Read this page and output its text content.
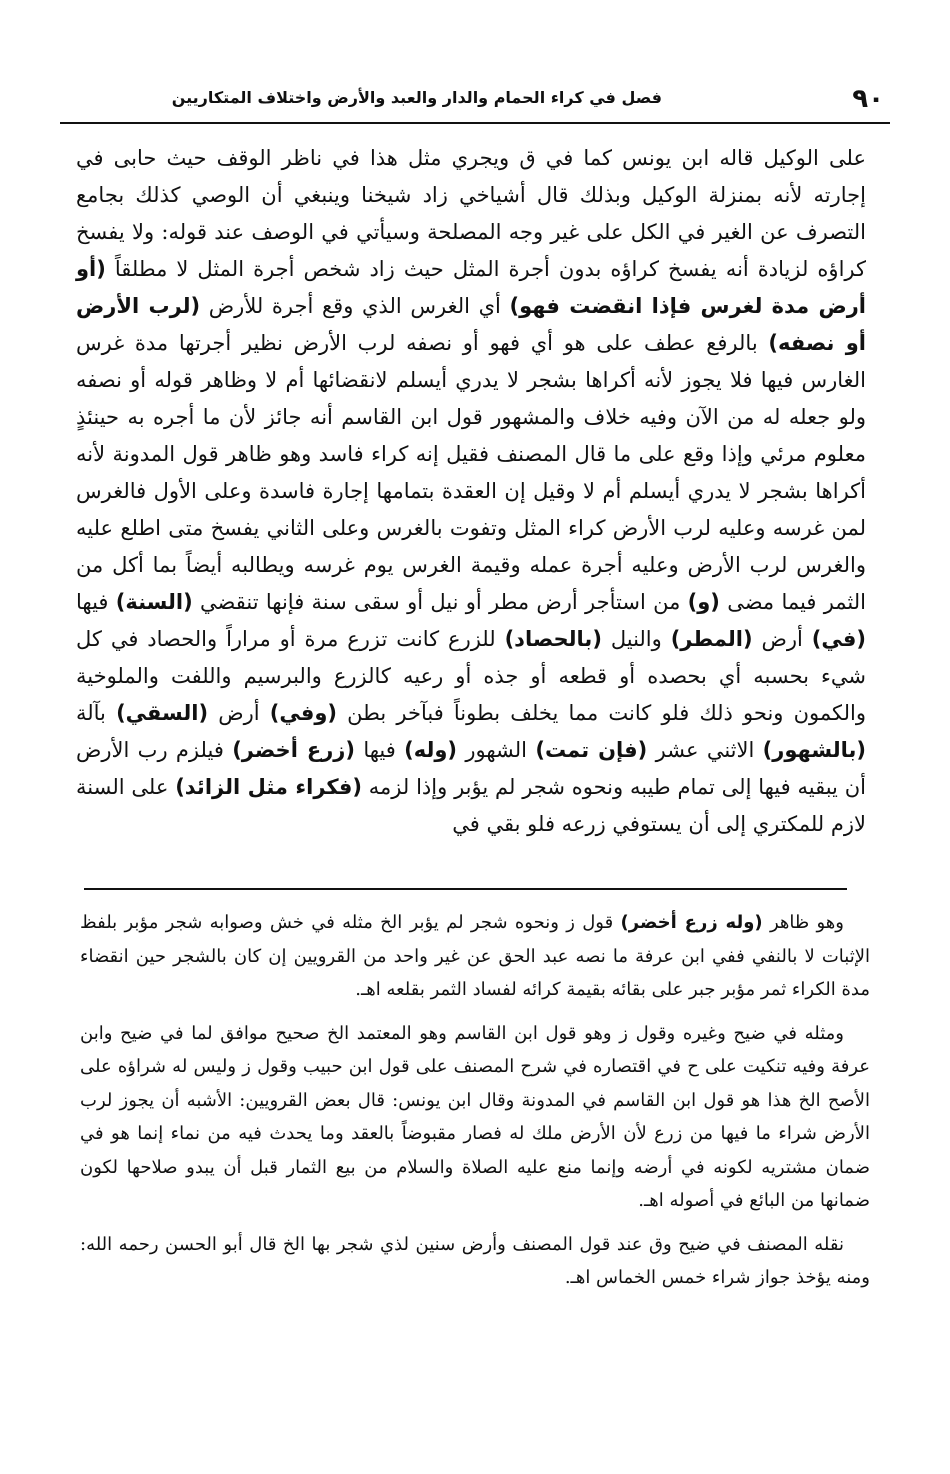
٩٠
فصل في كراء الحمام والدار والعبد والأرض واختلاف المتكاريين
على الوكيل قاله ابن يونس كما في ق ويجري مثل هذا في ناظر الوقف حيث حابى في إجارته لأنه بمنزلة الوكيل وبذلك قال أشياخي زاد شيخنا وينبغي أن الوصي كذلك بجامع التصرف عن الغير في الكل على غير وجه المصلحة وسيأتي في الوصف عند قوله: ولا يفسخ كراؤه لزيادة أنه يفسخ كراؤه بدون أجرة المثل حيث زاد شخص أجرة المثل لا مطلقاً (أو أرض مدة لغرس فإذا انقضت فهو) أي الغرس الذي وقع أجرة للأرض (لرب الأرض أو نصفه) بالرفع عطف على هو أي فهو أو نصفه لرب الأرض نظير أجرتها مدة غرس الغارس فيها فلا يجوز لأنه أكراها بشجر لا يدري أيسلم لانقضائها أم لا وظاهر قوله أو نصفه ولو جعله له من الآن وفيه خلاف والمشهور قول ابن القاسم أنه جائز لأن ما أجره به حينئذٍ معلوم مرئي وإذا وقع على ما قال المصنف فقيل إنه كراء فاسد وهو ظاهر قول المدونة لأنه أكراها بشجر لا يدري أيسلم أم لا وقيل إن العقدة بتمامها إجارة فاسدة وعلى الأول فالغرس لمن غرسه وعليه لرب الأرض كراء المثل وتفوت بالغرس وعلى الثاني يفسخ متى اطلع عليه والغرس لرب الأرض وعليه أجرة عمله وقيمة الغرس يوم غرسه ويطالبه أيضاً بما أكل من الثمر فيما مضى (و) من استأجر أرض مطر أو نيل أو سقى سنة فإنها تنقضي (السنة) فيها (في) أرض (المطر) والنيل (بالحصاد) للزرع كانت تزرع مرة أو مراراً والحصاد في كل شيء بحسبه أي بحصده أو قطعه أو جذه أو رعيه كالزرع والبرسيم واللفت والملوخية والكمون ونحو ذلك فلو كانت مما يخلف بطوناً فبآخر بطن (وفي) أرض (السقي) بآلة (بالشهور) الاثني عشر (فإن تمت) الشهور (وله) فيها (زرع أخضر) فيلزم رب الأرض أن يبقيه فيها إلى تمام طيبه ونحوه شجر لم يؤبر وإذا لزمه (فكراء مثل الزائد) على السنة لازم للمكتري إلى أن يستوفي زرعه فلو بقي في

وهو ظاهر (وله زرع أخضر) قول ز ونحوه شجر لم يؤبر الخ مثله في خش وصوابه شجر مؤبر بلفظ الإثبات لا بالنفي ففي ابن عرفة ما نصه عبد الحق عن غير واحد من القرويين إن كان بالشجر حين انقضاء مدة الكراء ثمر مؤبر جبر على بقائه بقيمة كرائه لفساد الثمر بقلعه اهـ.

ومثله في ضيح وغيره وقول ز وهو قول ابن القاسم وهو المعتمد الخ صحيح موافق لما في ضيح وابن عرفة وفيه تنكيت على ح في اقتصاره في شرح المصنف على قول ابن حبيب وقول ز وليس له شراؤه على الأصح الخ هذا هو قول ابن القاسم في المدونة وقال ابن يونس: قال بعض القرويين: الأشبه أن يجوز لرب الأرض شراء ما فيها من زرع لأن الأرض ملك له فصار مقبوضاً بالعقد وما يحدث فيه من نماء إنما هو في ضمان مشتريه لكونه في أرضه وإنما منع عليه الصلاة والسلام من بيع الثمار قبل أن يبدو صلاحها لكون ضمانها من البائع في أصوله اهـ.

نقله المصنف في ضيح وق عند قول المصنف وأرض سنين لذي شجر بها الخ قال أبو الحسن رحمه الله: ومنه يؤخذ جواز شراء خمس الخماس اهـ.
